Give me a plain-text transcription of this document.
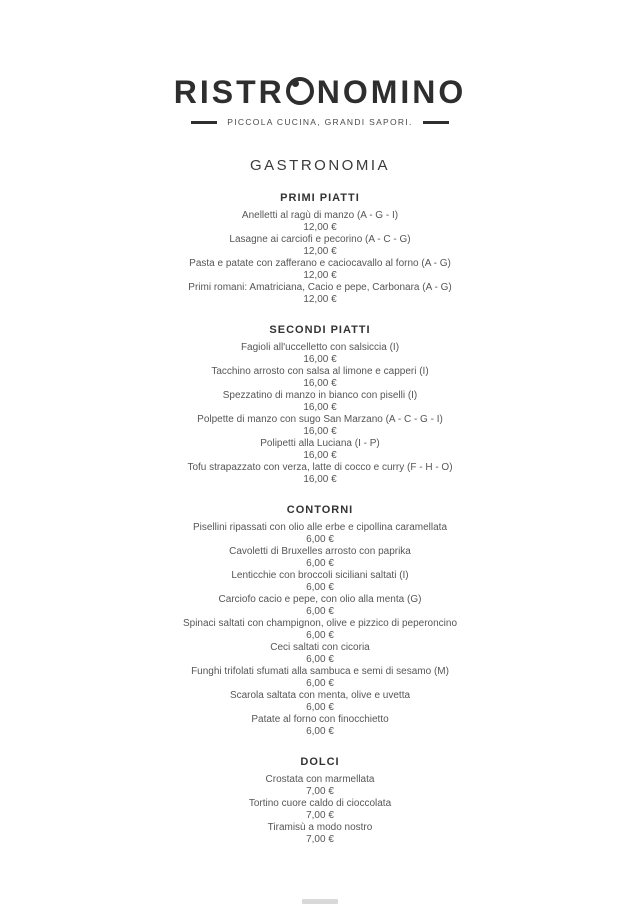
RISTR NOMINO
PICCOLA CUCINA, GRANDI SAPORI.
GASTRONOMIA
PRIMI PIATTI
Anelletti al ragù di manzo (A - G - I)
12,00 €
Lasagne ai carciofi e pecorino (A - C - G)
12,00 €
Pasta e patate con zafferano e caciocavallo al forno (A - G)
12,00 €
Primi romani: Amatriciana, Cacio e pepe, Carbonara (A - G)
12,00 €
SECONDI PIATTI
Fagioli all'uccelletto con salsiccia (I)
16,00 €
Tacchino arrosto con salsa al limone e capperi (I)
16,00 €
Spezzatino di manzo in bianco con piselli (I)
16,00 €
Polpette di manzo con sugo San Marzano (A - C - G - I)
16,00 €
Polipetti alla Luciana (I - P)
16,00 €
Tofu strapazzato con verza, latte di cocco e curry (F - H - O)
16,00 €
CONTORNI
Pisellini ripassati con olio alle erbe e cipollina caramellata
6,00 €
Cavoletti di Bruxelles arrosto con paprika
6,00 €
Lenticchie con broccoli siciliani saltati (I)
6,00 €
Carciofo cacio e pepe, con olio alla menta (G)
6,00 €
Spinaci saltati con champignon, olive e pizzico di peperoncino
6,00 €
Ceci saltati con cicoria
6,00 €
Funghi trifolati sfumati alla sambuca e semi di sesamo (M)
6,00 €
Scarola saltata con menta, olive e uvetta
6,00 €
Patate al forno con finocchietto
6,00 €
DOLCI
Crostata con marmellata
7,00 €
Tortino cuore caldo di cioccolata
7,00 €
Tiramisù a modo nostro
7,00 €
